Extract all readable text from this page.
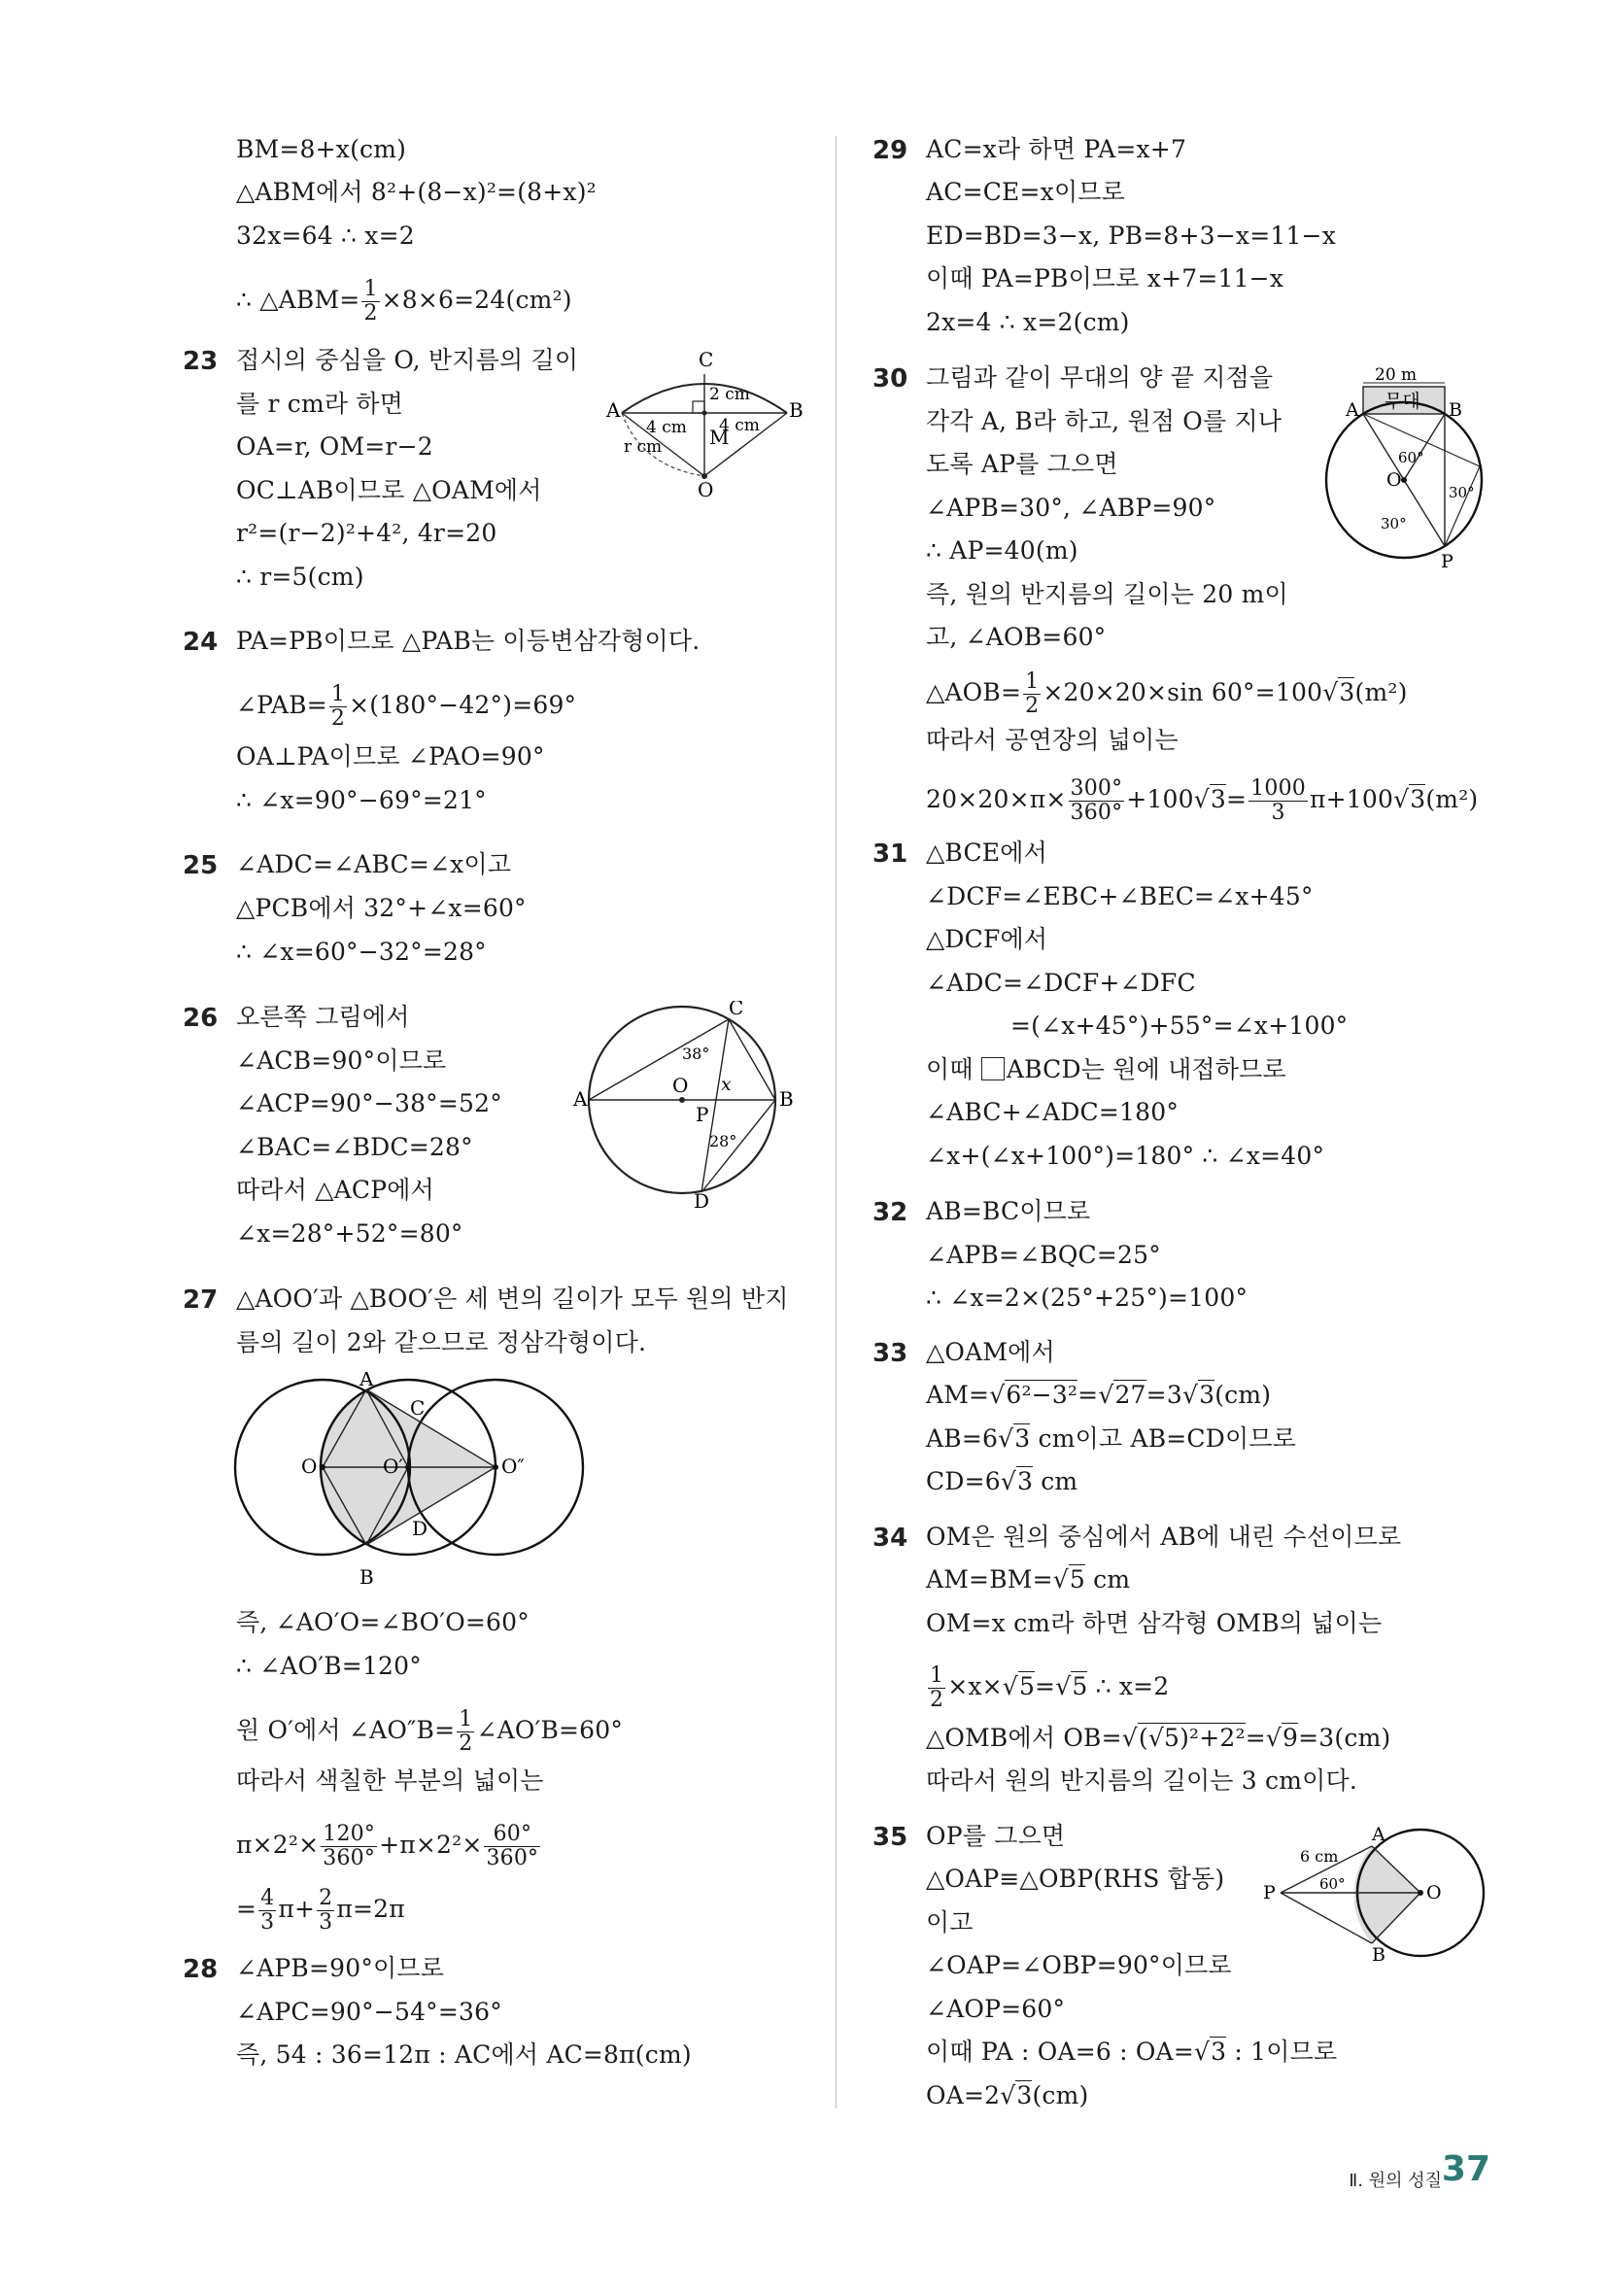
BM=8+x(cm)
△ABM에서 8²+(8−x)²=(8+x)²
32x=64 ∴ x=2
∴ △ABM= $\frac{1}{2} \times 8\times 6=24(cm^2)$
23 접시의 중심을 O, 반지름의 길이
를 r cm라 하면
OA=r, OM=r−2
OC⊥AB이므로 △OAM에서
r²=(r−2)²+4², 4r=20
∴ r=5(cm)
C
A	B
M
O
r cm
2 cm
4 cm 4 cm
24 PA=PB이므로 △PAB는 이등변삼각형이다.
∠PAB= $\frac{1}{2} \times(180^\circ-42^\circ)=69^\circ$
OA⊥PA이므로 ∠PAO=90°
∴ ∠x=90°−69°=21°
25 ∠ADC=∠ABC=∠x이고
△PCB에서 32°+∠x=60°
∴ ∠x=60°−32°=28°
26 오른쪽 그림에서
∠ACB=90°이므로
∠ACP=90°−38°=52°
∠BAC=∠BDC=28°
따라서 △ACP에서
∠x=28°+52°=80°
C
A	B
D
O
P
x
38°
28°
27 △AOO′과 △BOO′은 세 변의 길이가 모두 원의 반지
름의 길이 2와 같으므로 정삼각형이다.
A
B
C
D
O	O′	O″
즉, ∠AO′O=∠BO′O=60°
∴ ∠AO′B=120°
원 O′에서 ∠AO″B= $\frac{1}{2}$ ∠AO′B=60°
따라서 색칠한 부분의 넓이는
$\pi\times 2^2\times \frac{120^\circ}{360^\circ} +\pi\times 2^2\times \frac{60^\circ}{360^\circ}$
= $\frac{4}{3} \pi+ \frac{2}{3} \pi=2\pi$
28 ∠APB=90°이므로
∠APC=90°−54°=36°
즉, 54 : 36=12π : AC에서 AC=8π(cm)
29 AC=x라 하면 PA=x+7
AC=CE=x이므로
ED=BD=3−x, PB=8+3−x=11−x
이때 PA=PB이므로 x+7=11−x
2x=4 ∴ x=2(cm)
30 그림과 같이 무대의 양 끝 지점을
각각 A, B라 하고, 원점 O를 지나
도록 AP를 그으면
∠APB=30°, ∠ABP=90°
∴ AP=40(m)
즉, 원의 반지름의 길이는 20 m이
고, ∠AOB=60°
△AOB= $\frac{1}{2} \times 20\times 20\times\sin$ 60°=100√3(m²)
따라서 공연장의 넓이는
$20\times 20\times\pi\times \frac{300^\circ}{360^\circ} +100√3= \frac{1000}{3} \pi+100√3(m^2)$
20 m
무대
A	B
O
P
60°
30°
30°
31 △BCE에서
∠DCF=∠EBC+∠BEC=∠x+45°
△DCF에서
∠ADC=∠DCF+∠DFC
=(∠x+45°)+55°=∠x+100°
이때 ABCD는 원에 내접하므로
∠ABC+∠ADC=180°
∠x+(∠x+100°)=180° ∴ ∠x=40°
32 AB=BC이므로
∠APB=∠BQC=25°
∴ ∠x=2×(25°+25°)=100°
33 △OAM에서
AM=√6²−3²=√27=3√3(cm)
AB=6√3 cm이고 AB=CD이므로
CD=6√3 cm
34 OM은 원의 중심에서 AB에 내린 수선이므로
AM=BM=√5 cm
OM=x cm라 하면 삼각형 OMB의 넓이는
$\frac{1}{2} \times x\times√5=√5$ ∴ x=2
△OMB에서 OB=√(√5)²+2²=√9=3(cm)
따라서 원의 반지름의 길이는 3 cm이다.
35 OP를 그으면
△OAP≡△OBP(RHS 합동)
이고
∠OAP=∠OBP=90°이므로
∠AOP=60°
이때 PA : OA=6 : OA=√3 : 1이므로
OA=2√3(cm)
A
B
O
P
6 cm
60°
Ⅱ. 원의 성질 37
